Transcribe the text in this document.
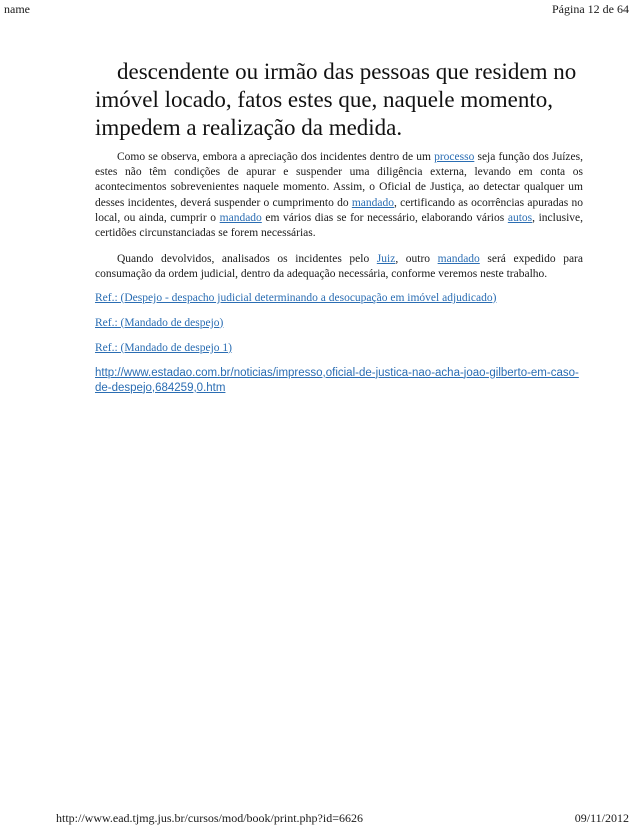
name	Página 12 de 64

descendente ou irmão das pessoas que residem no imóvel locado, fatos estes que, naquele momento, impedem a realização da medida.

Como se observa, embora a apreciação dos incidentes dentro de um processo seja função dos Juízes, estes não têm condições de apurar e suspender uma diligência externa, levando em conta os acontecimentos sobrevenientes naquele momento. Assim, o Oficial de Justiça, ao detectar qualquer um desses incidentes, deverá suspender o cumprimento do mandado, certificando as ocorrências apuradas no local, ou ainda, cumprir o mandado em vários dias se for necessário, elaborando vários autos, inclusive, certidões circunstanciadas se forem necessárias.

Quando devolvidos, analisados os incidentes pelo Juiz, outro mandado será expedido para consumação da ordem judicial, dentro da adequação necessária, conforme veremos neste trabalho.

Ref.: (Despejo - despacho judicial determinando a desocupação em imóvel adjudicado)

Ref.: (Mandado de despejo)

Ref.: (Mandado de despejo 1)

http://www.estadao.com.br/noticias/impresso,oficial-de-justica-nao-acha-joao-gilberto-em-caso-de-despejo,684259,0.htm

http://www.ead.tjmg.jus.br/cursos/mod/book/print.php?id=6626	09/11/2012
